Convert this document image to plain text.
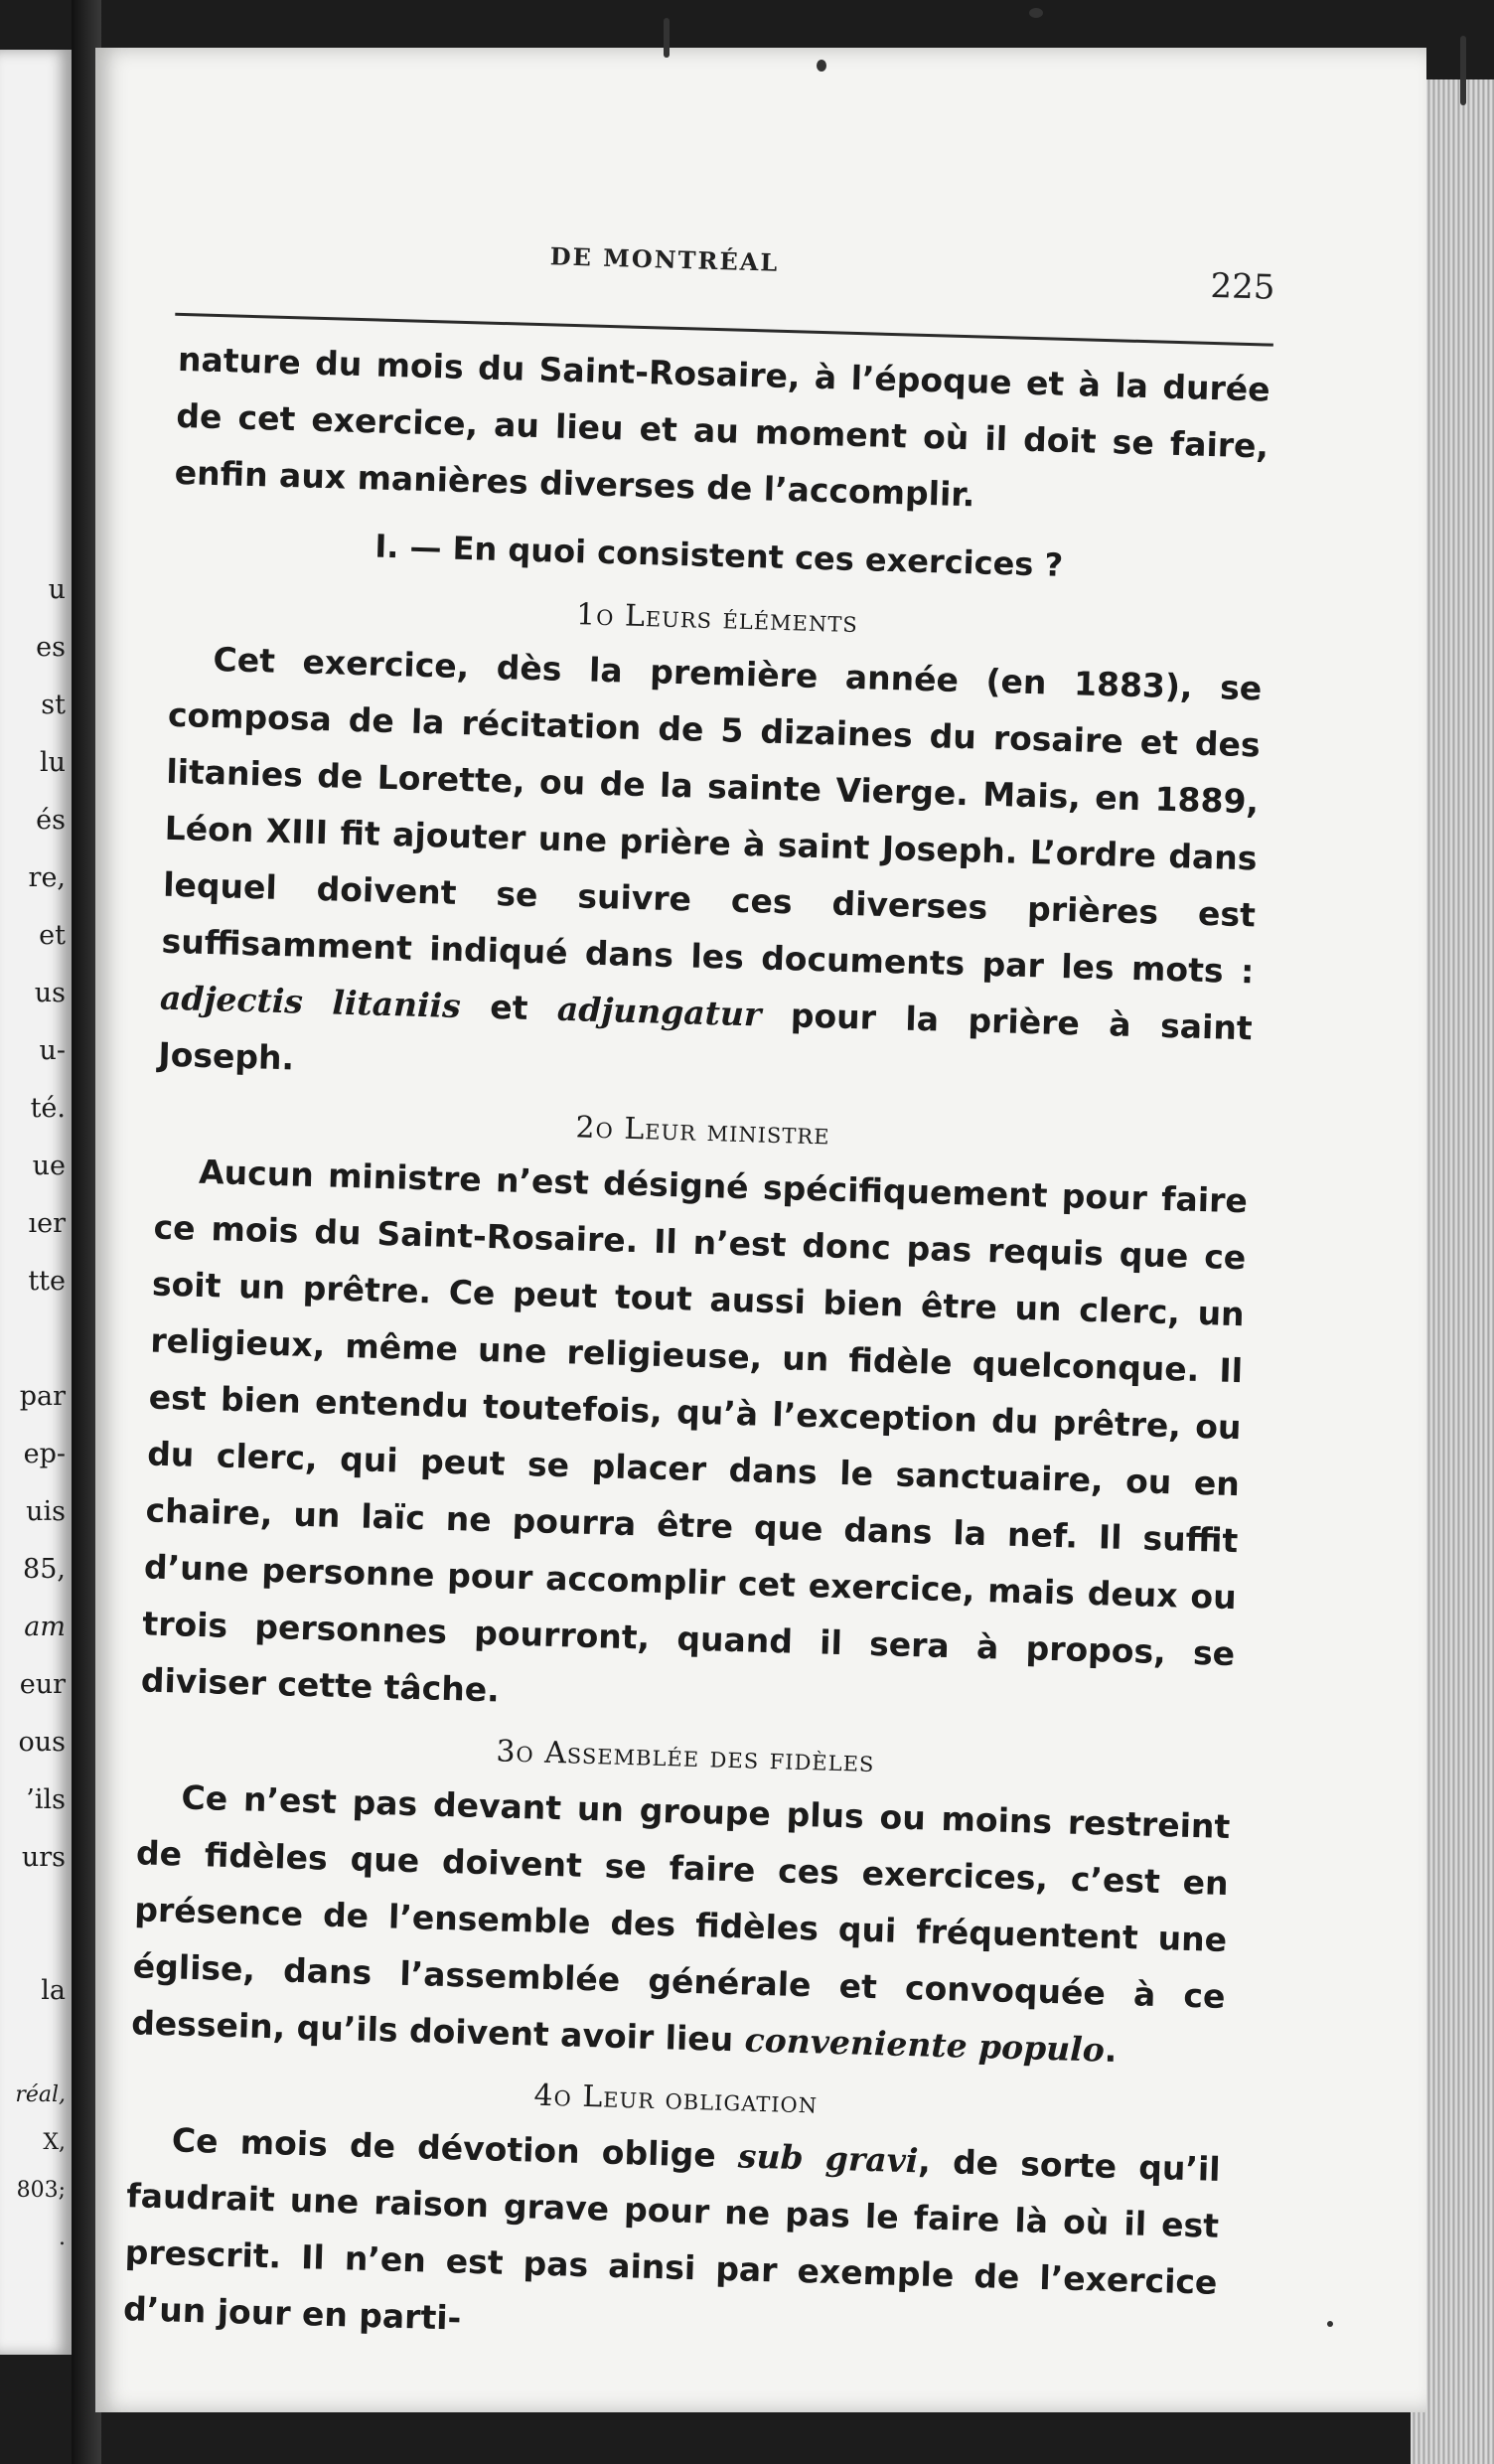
u
es
st
lu
és
re,
et
us
u-
té.
ue
ıer
tte
par
ep-
uis
85,
am
eur
ous
’ils
urs
la
réal,
X,
803;
.
DE MONTRÉAL
225

nature du mois du Saint-Rosaire, à l’époque et à la durée de cet exercice, au lieu et au moment où il doit se faire, enfin aux manières diverses de l’accomplir.

I. — En quoi consistent ces exercices ?
1o Leurs éléments

Cet exercice, dès la première année (en 1883), se composa de la récitation de 5 dizaines du rosaire et des litanies de Lorette, ou de la sainte Vierge. Mais, en 1889, Léon XIII fit ajouter une prière à saint Joseph. L’ordre dans lequel doivent se suivre ces diverses prières est suffisamment indiqué dans les documents par les mots : adjectis litaniis et adjungatur pour la prière à saint Joseph.

2o Leur ministre

Aucun ministre n’est désigné spécifiquement pour faire ce mois du Saint-Rosaire. Il n’est donc pas requis que ce soit un prêtre. Ce peut tout aussi bien être un clerc, un religieux, même une religieuse, un fidèle quelconque. Il est bien entendu toutefois, qu’à l’exception du prêtre, ou du clerc, qui peut se placer dans le sanctuaire, ou en chaire, un laïc ne pourra être que dans la nef. Il suffit d’une personne pour accomplir cet exercice, mais deux ou trois personnes pourront, quand il sera à propos, se diviser cette tâche.

3o Assemblée des fidèles

Ce n’est pas devant un groupe plus ou moins restreint de fidèles que doivent se faire ces exercices, c’est en présence de l’ensemble des fidèles qui fréquentent une église, dans l’assemblée générale et convoquée à ce dessein, qu’ils doivent avoir lieu conveniente populo.

4o Leur obligation

Ce mois de dévotion oblige sub gravi, de sorte qu’il faudrait une raison grave pour ne pas le faire là où il est prescrit. Il n’en est pas ainsi par exemple de l’exercice d’un jour en parti-
